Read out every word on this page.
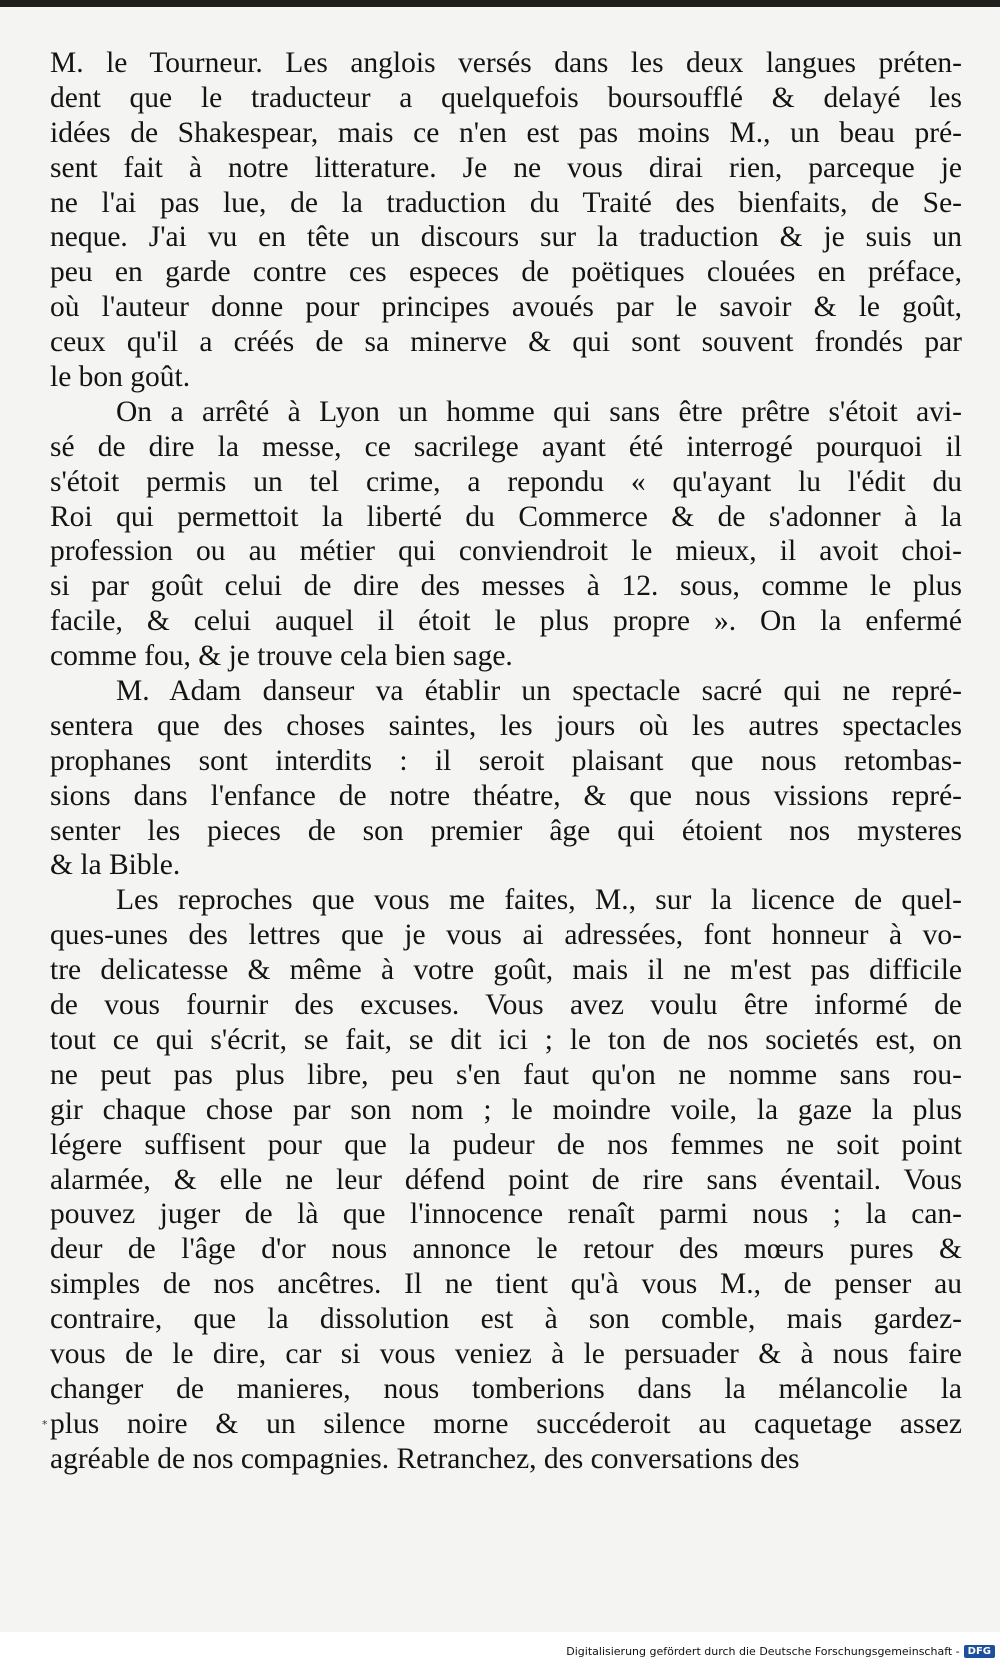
M. le Tourneur. Les anglois versés dans les deux langues préten-
dent que le traducteur a quelquefois boursoufflé & delayé les
idées de Shakespear, mais ce n'en est pas moins M., un beau pré-
sent fait à notre litterature. Je ne vous dirai rien, parceque je
ne l'ai pas lue, de la traduction du Traité des bienfaits, de Se-
neque. J'ai vu en tête un discours sur la traduction & je suis un
peu en garde contre ces especes de poëtiques clouées en préface,
où l'auteur donne pour principes avoués par le savoir & le goût,
ceux qu'il a créés de sa minerve & qui sont souvent frondés par
le bon goût.
On a arrêté à Lyon un homme qui sans être prêtre s'étoit avi-
sé de dire la messe, ce sacrilege ayant été interrogé pourquoi il
s'étoit permis un tel crime, a repondu « qu'ayant lu l'édit du
Roi qui permettoit la liberté du Commerce & de s'adonner à la
profession ou au métier qui conviendroit le mieux, il avoit choi-
si par goût celui de dire des messes à 12. sous, comme le plus
facile, & celui auquel il étoit le plus propre ». On la enfermé
comme fou, & je trouve cela bien sage.
M. Adam danseur va établir un spectacle sacré qui ne repré-
sentera que des choses saintes, les jours où les autres spectacles
prophanes sont interdits : il seroit plaisant que nous retombas-
sions dans l'enfance de notre théatre, & que nous vissions repré-
senter les pieces de son premier âge qui étoient nos mysteres
& la Bible.
Les reproches que vous me faites, M., sur la licence de quel-
ques-unes des lettres que je vous ai adressées, font honneur à vo-
tre delicatesse & même à votre goût, mais il ne m'est pas difficile
de vous fournir des excuses. Vous avez voulu être informé de
tout ce qui s'écrit, se fait, se dit ici ; le ton de nos societés est, on
ne peut pas plus libre, peu s'en faut qu'on ne nomme sans rou-
gir chaque chose par son nom ; le moindre voile, la gaze la plus
légere suffisent pour que la pudeur de nos femmes ne soit point
alarmée, & elle ne leur défend point de rire sans éventail. Vous
pouvez juger de là que l'innocence renaît parmi nous ; la can-
deur de l'âge d'or nous annonce le retour des mœurs pures &
simples de nos ancêtres. Il ne tient qu'à vous M., de penser au
contraire, que la dissolution est à son comble, mais gardez-
vous de le dire, car si vous veniez à le persuader & à nous faire
changer de manieres, nous tomberions dans la mélancolie la
plus noire & un silence morne succéderoit au caquetage assez
agréable de nos compagnies. Retranchez, des conversations des
*
Digitalisierung gefördert durch die Deutsche Forschungsgemeinschaft - DFG
